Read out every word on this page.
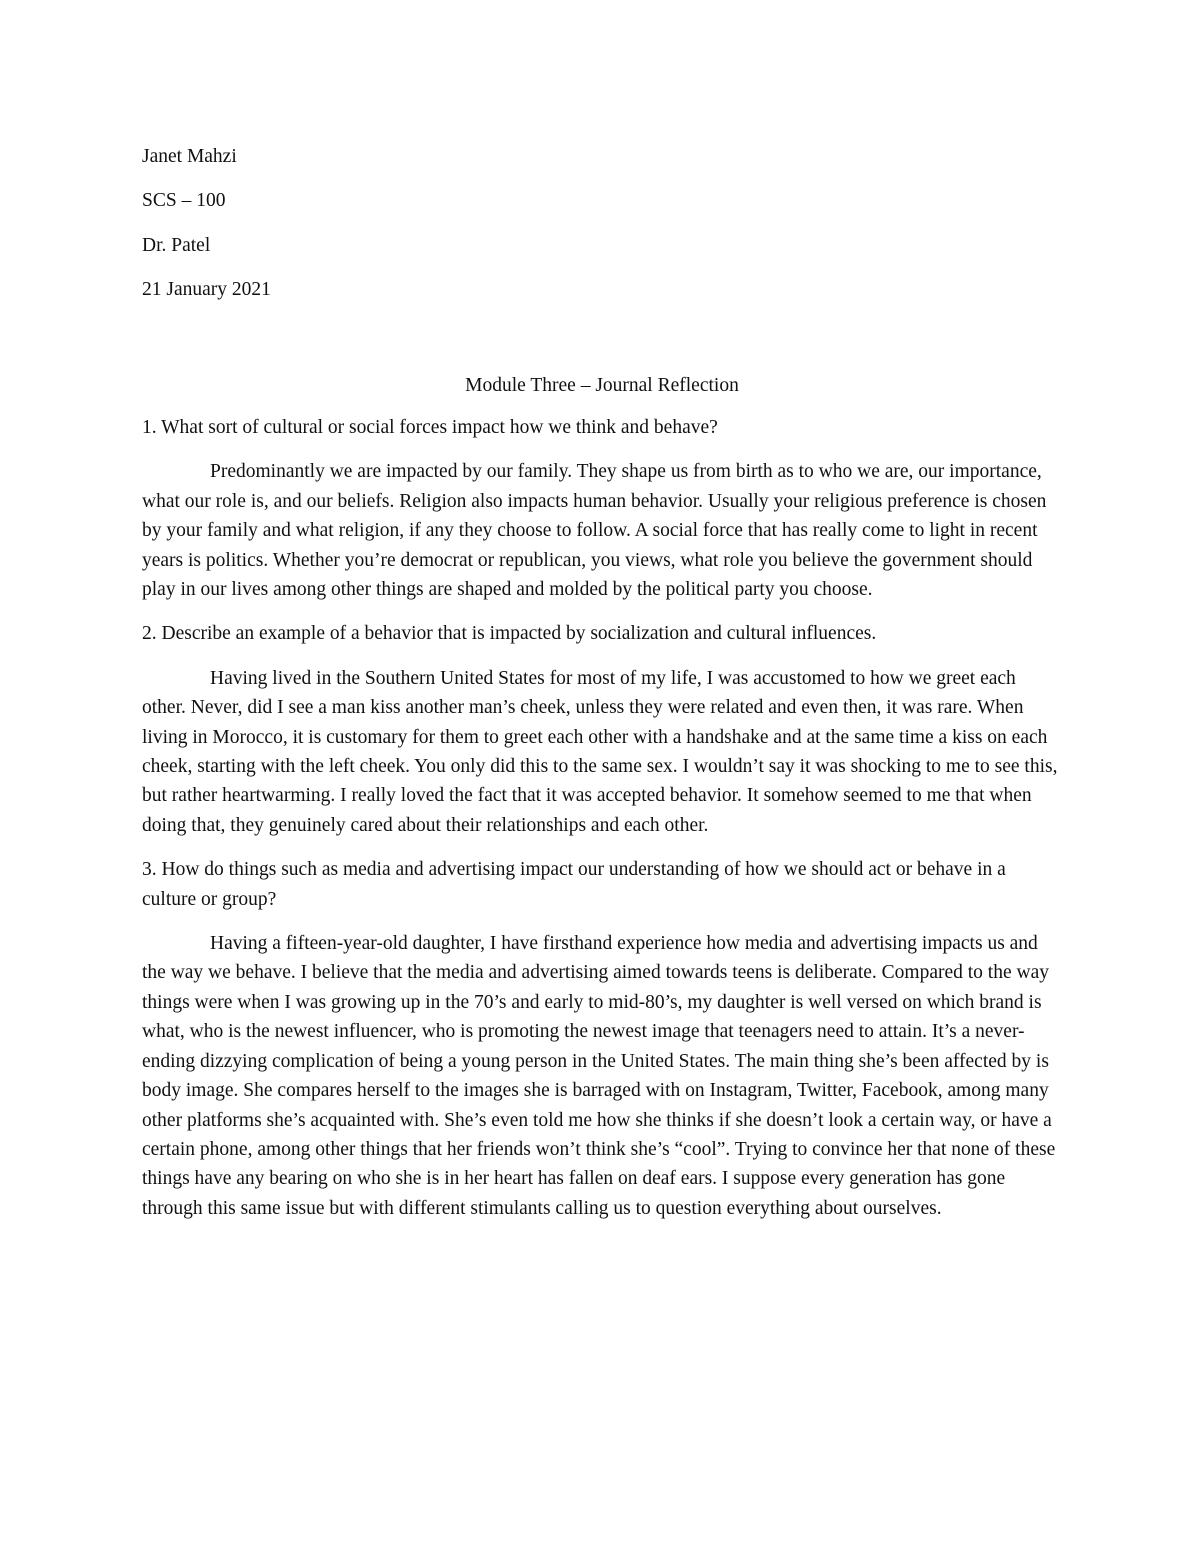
Janet Mahzi

SCS – 100

Dr. Patel

21 January 2021

Module Three – Journal Reflection

1. What sort of cultural or social forces impact how we think and behave?

Predominantly we are impacted by our family. They shape us from birth as to who we are, our importance, what our role is, and our beliefs. Religion also impacts human behavior. Usually your religious preference is chosen by your family and what religion, if any they choose to follow. A social force that has really come to light in recent years is politics. Whether you’re democrat or republican, you views, what role you believe the government should play in our lives among other things are shaped and molded by the political party you choose.

2. Describe an example of a behavior that is impacted by socialization and cultural influences.

Having lived in the Southern United States for most of my life, I was accustomed to how we greet each other. Never, did I see a man kiss another man’s cheek, unless they were related and even then, it was rare. When living in Morocco, it is customary for them to greet each other with a handshake and at the same time a kiss on each cheek, starting with the left cheek. You only did this to the same sex. I wouldn’t say it was shocking to me to see this, but rather heartwarming. I really loved the fact that it was accepted behavior. It somehow seemed to me that when doing that, they genuinely cared about their relationships and each other.

3. How do things such as media and advertising impact our understanding of how we should act or behave in a culture or group?

Having a fifteen-year-old daughter, I have firsthand experience how media and advertising impacts us and the way we behave. I believe that the media and advertising aimed towards teens is deliberate. Compared to the way things were when I was growing up in the 70’s and early to mid-80’s, my daughter is well versed on which brand is what, who is the newest influencer, who is promoting the newest image that teenagers need to attain. It’s a never-ending dizzying complication of being a young person in the United States. The main thing she’s been affected by is body image. She compares herself to the images she is barraged with on Instagram, Twitter, Facebook, among many other platforms she’s acquainted with. She’s even told me how she thinks if she doesn’t look a certain way, or have a certain phone, among other things that her friends won’t think she’s “cool”. Trying to convince her that none of these things have any bearing on who she is in her heart has fallen on deaf ears. I suppose every generation has gone through this same issue but with different stimulants calling us to question everything about ourselves.
